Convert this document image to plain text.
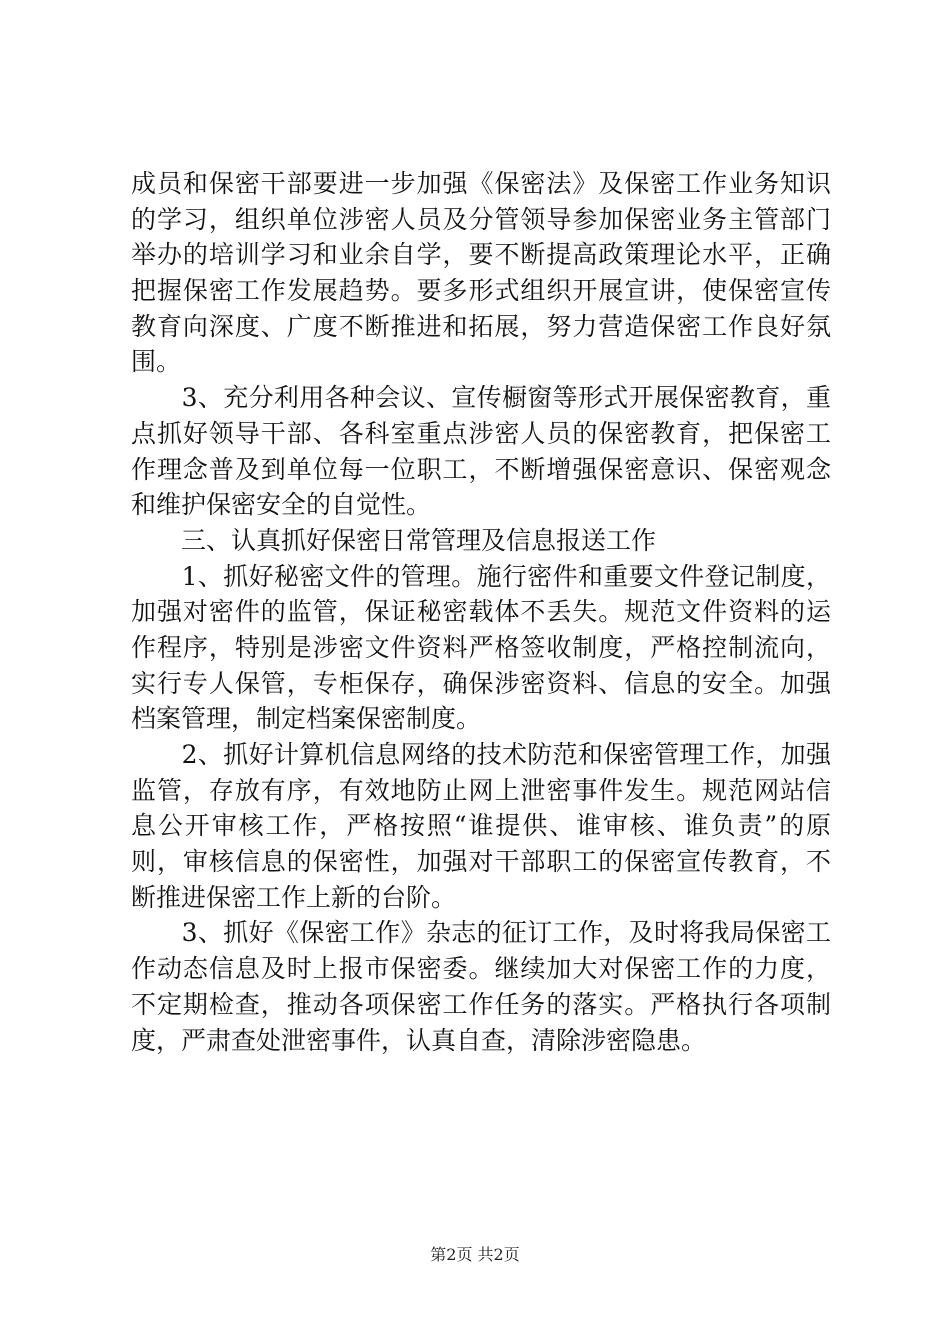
成员和保密干部要进一步加强《保密法》及保密工作业务知识
的学习，组织单位涉密人员及分管领导参加保密业务主管部门
举办的培训学习和业余自学，要不断提高政策理论水平，正确
把握保密工作发展趋势。要多形式组织开展宣讲，使保密宣传
教育向深度、广度不断推进和拓展，努力营造保密工作良好氛
围。
　　3、充分利用各种会议、宣传橱窗等形式开展保密教育，重
点抓好领导干部、各科室重点涉密人员的保密教育，把保密工
作理念普及到单位每一位职工，不断增强保密意识、保密观念
和维护保密安全的自觉性。
　　三、认真抓好保密日常管理及信息报送工作
　　1、抓好秘密文件的管理。施行密件和重要文件登记制度，
加强对密件的监管，保证秘密载体不丢失。规范文件资料的运
作程序，特别是涉密文件资料严格签收制度，严格控制流向，
实行专人保管，专柜保存，确保涉密资料、信息的安全。加强
档案管理，制定档案保密制度。
　　2、抓好计算机信息网络的技术防范和保密管理工作，加强
监管，存放有序，有效地防止网上泄密事件发生。规范网站信
息公开审核工作，严格按照“谁提供、谁审核、谁负责”的原
则，审核信息的保密性，加强对干部职工的保密宣传教育，不
断推进保密工作上新的台阶。
　　3、抓好《保密工作》杂志的征订工作，及时将我局保密工
作动态信息及时上报市保密委。继续加大对保密工作的力度，
不定期检查，推动各项保密工作任务的落实。严格执行各项制
度，严肃查处泄密事件，认真自查，清除涉密隐患。
第2页 共2页
